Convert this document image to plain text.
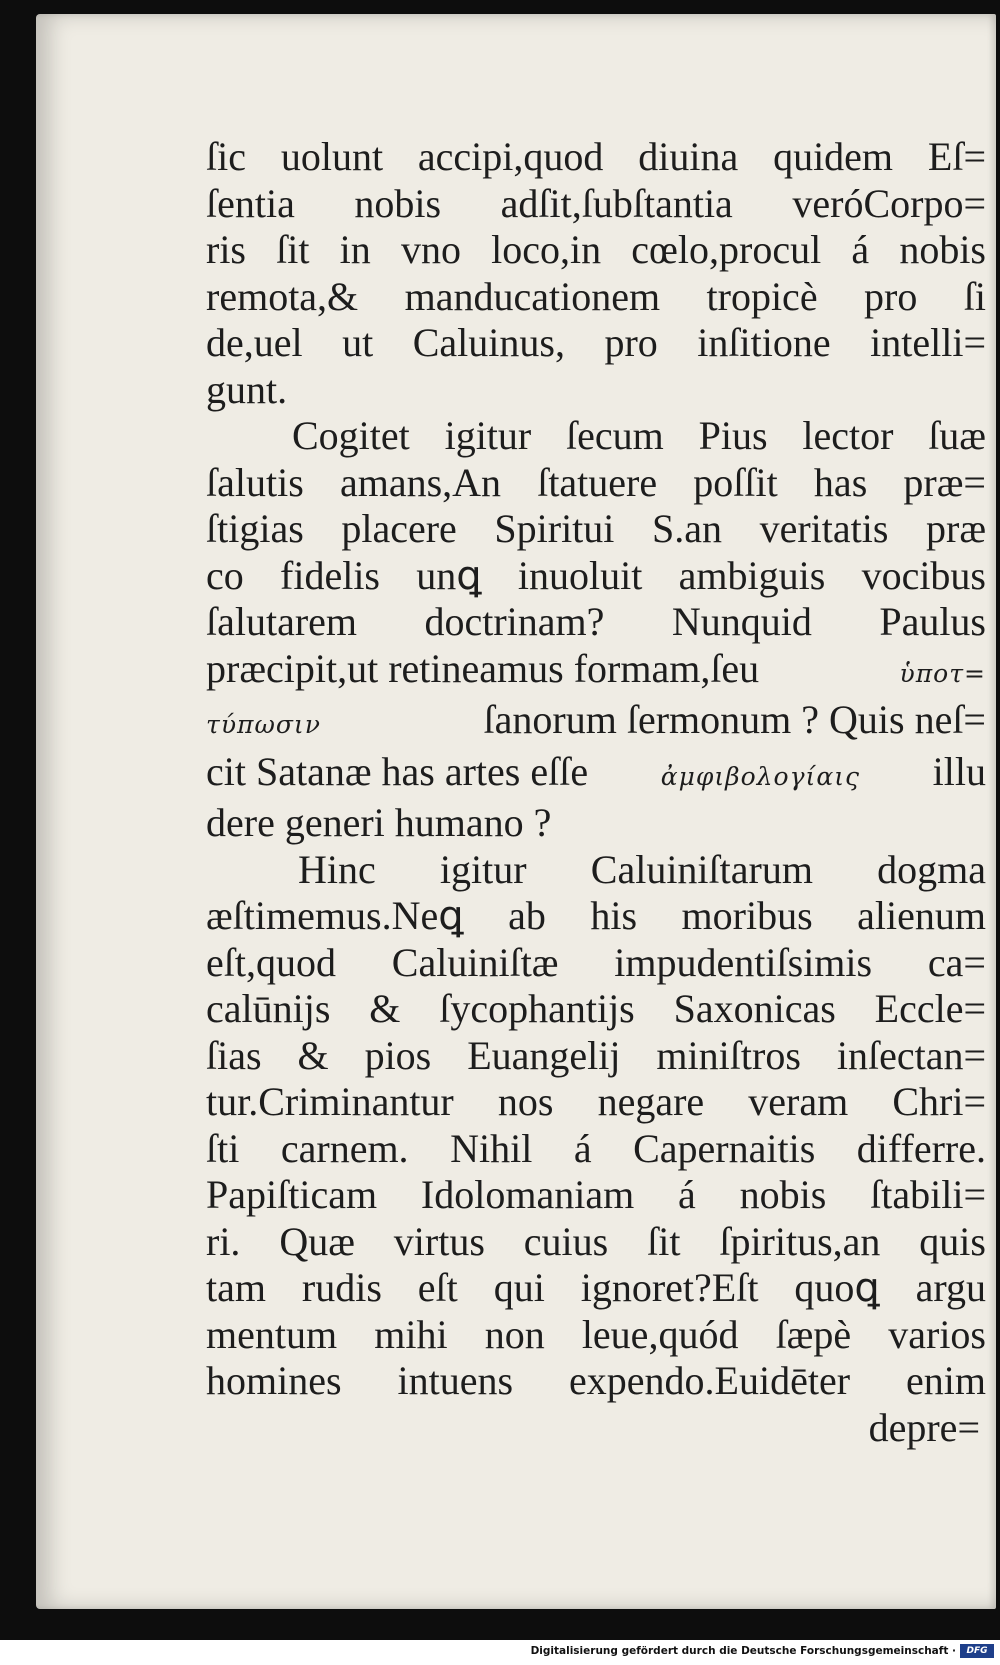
ſic uolunt accipi,quod diuina quidem Eſ=
ſentia nobis adſit,ſubſtantia veróCorpo=
ris ſit in vno loco,in cœlo,procul á nobis
remota,& manducationem tropicè pro ſi
de,uel ut Caluinus, pro inſitione intelli=
gunt.
Cogitet igitur ſecum Pius lector ſuæ
ſalutis amans,An ſtatuere poſſit has præ=
ſtigias placere Spiritui S.an veritatis præ
co fidelis unꝗ inuoluit ambiguis vocibus
ſalutarem doctrinam? Nunquid Paulus
præcipit,ut retineamus formam,ſeu	ὑποτ=
τύπωσιν	ſanorum ſermonum ? Quis neſ=
cit Satanæ has artes eſſe	ἀμφιβολογίαις illu
dere generi humano ?
Hinc igitur Caluiniſtarum dogma
æſtimemus.Neꝗ ab his moribus alienum
eſt,quod Caluiniſtæ impudentiſsimis ca=
calūnijs & ſycophantijs Saxonicas Eccle=
ſias & pios Euangelij miniſtros inſectan=
tur.Criminantur nos negare veram Chri=
ſti carnem. Nihil á Capernaitis differre.
Papiſticam Idolomaniam á nobis ſtabili=
ri. Quæ virtus cuius ſit ſpiritus,an quis
tam rudis eſt qui ignoret?Eſt quoꝗ argu
mentum mihi non leue,quód ſæpè varios
homines intuens expendo.Euidēter enim
depre=
Digitalisierung gefördert durch die Deutsche Forschungsgemeinschaft ·	DFG
